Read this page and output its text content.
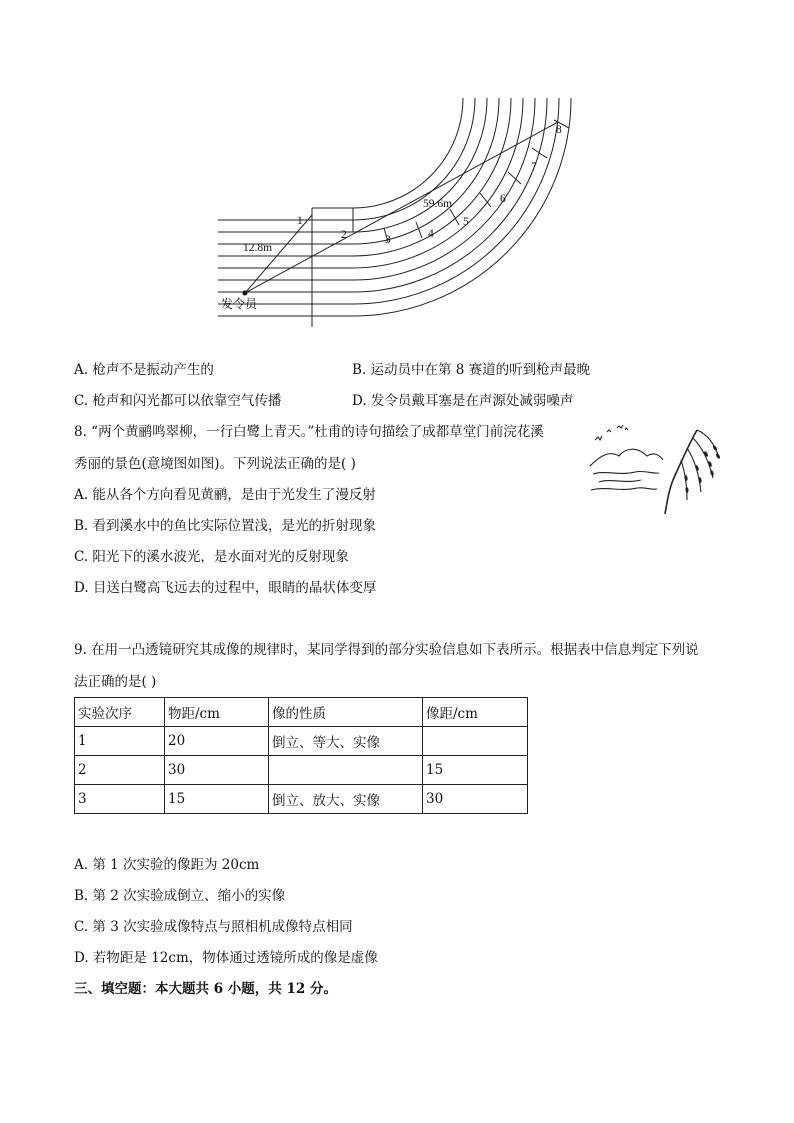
1
2	3	4
5
6
7
8
12.8m
59.6m
发令员
A. 枪声不是振动产生的	B. 运动员中在第 8 赛道的听到枪声最晚
C. 枪声和闪光都可以依靠空气传播	D. 发令员戴耳塞是在声源处减弱噪声
8. “两个黄鹂鸣翠柳，一行白鹭上青天。”杜甫的诗句描绘了成都草堂门前浣花溪
秀丽的景色(意境图如图)。下列说法正确的是( )
A. 能从各个方向看见黄鹂，是由于光发生了漫反射
B. 看到溪水中的鱼比实际位置浅，是光的折射现象
C. 阳光下的溪水波光，是水面对光的反射现象
D. 目送白鹭高飞远去的过程中，眼睛的晶状体变厚
9. 在用一凸透镜研究其成像的规律时，某同学得到的部分实验信息如下表所示。根据表中信息判定下列说
法正确的是( )
实验次序	物距/cm	像的性质	像距/cm
1	20	倒立、等大、实像	
2	30		15
3	15	倒立、放大、实像	30
A. 第 1 次实验的像距为 20cm
B. 第 2 次实验成倒立、缩小的实像
C. 第 3 次实验成像特点与照相机成像特点相同
D. 若物距是 12cm，物体通过透镜所成的像是虚像
三、填空题：本大题共 6 小题，共 12 分。
